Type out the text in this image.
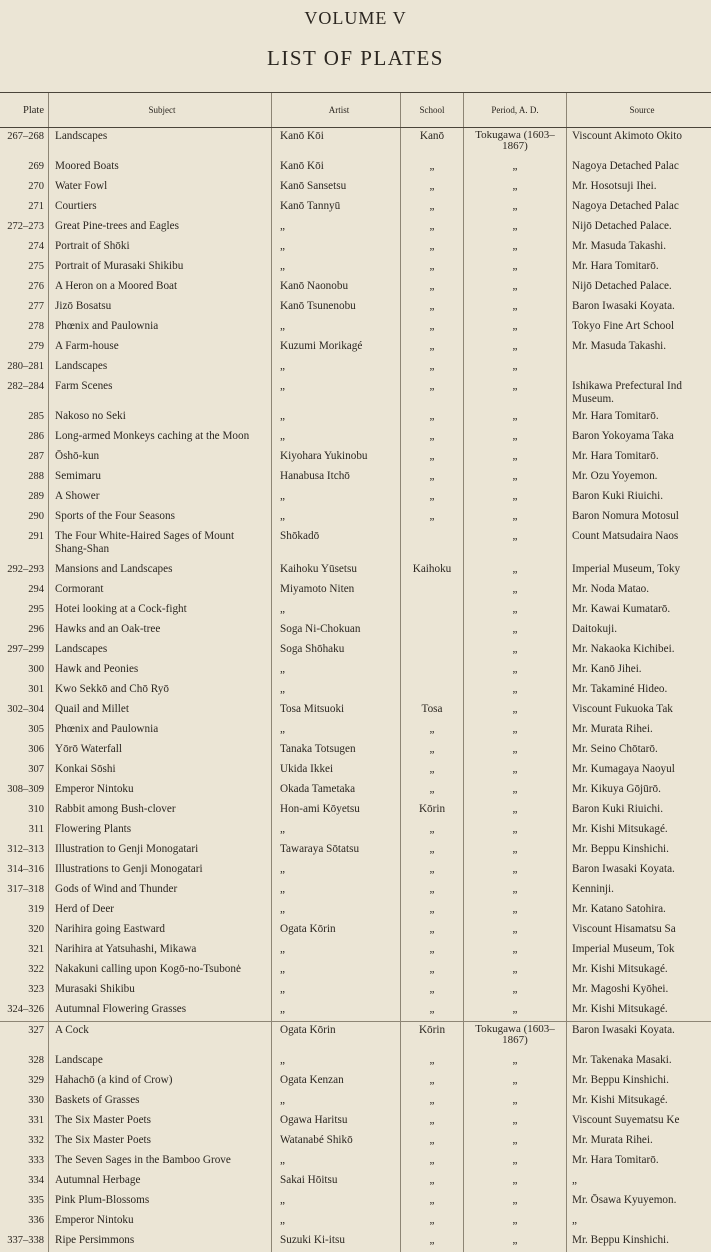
VOLUME V
LIST OF PLATES
Plate	Subject	Artist	School	Period, A. D.	Source
267–268	Landscapes	Kanō Kōi	Kanō	Tokugawa (1603–1867)	Viscount Akimoto Okito
269	Moored Boats	Kanō Kōi	„	„	Nagoya Detached Palac
270	Water Fowl	Kanō Sansetsu	„	„	Mr. Hosotsuji Ihei.
271	Courtiers	Kanō Tannyū	„	„	Nagoya Detached Palac
272–273	Great Pine-trees and Eagles	„	„	„	Nijō Detached Palace.
274	Portrait of Shōki	„	„	„	Mr. Masuda Takashi.
275	Portrait of Murasaki Shikibu	„	„	„	Mr. Hara Tomitarō.
276	A Heron on a Moored Boat	Kanō Naonobu	„	„	Nijō Detached Palace.
277	Jizō Bosatsu	Kanō Tsunenobu	„	„	Baron Iwasaki Koyata.
278	Phœnix and Paulownia	„	„	„	Tokyo Fine Art School
279	A Farm-house	Kuzumi Morikagé	„	„	Mr. Masuda Takashi.
280–281	Landscapes	„	„	„	
282–284	Farm Scenes	„	„	„	Ishikawa Prefectural Ind Museum.
285	Nakoso no Seki	„	„	„	Mr. Hara Tomitarō.
286	Long-armed Monkeys caching at the Moon	„	„	„	Baron Yokoyama Taka
287	Ōshō-kun	Kiyohara Yukinobu	„	„	Mr. Hara Tomitarō.
288	Semimaru	Hanabusa Itchō	„	„	Mr. Ozu Yoyemon.
289	A Shower	„	„	„	Baron Kuki Riuichi.
290	Sports of the Four Seasons	„	„	„	Baron Nomura Motosul
291	The Four White-Haired Sages of Mount Shang-Shan	Shōkadō		„	Count Matsudaira Naos
292–293	Mansions and Landscapes	Kaihoku Yūsetsu	Kaihoku	„	Imperial Museum, Toky
294	Cormorant	Miyamoto Niten		„	Mr. Noda Matao.
295	Hotei looking at a Cock-fight	„		„	Mr. Kawai Kumatarō.
296	Hawks and an Oak-tree	Soga Ni-Chokuan		„	Daitokuji.
297–299	Landscapes	Soga Shōhaku		„	Mr. Nakaoka Kichibei.
300	Hawk and Peonies	„		„	Mr. Kanō Jihei.
301	Kwo Sekkō and Chō Ryō	„		„	Mr. Takaminé Hideo.
302–304	Quail and Millet	Tosa Mitsuoki	Tosa	„	Viscount Fukuoka Tak
305	Phœnix and Paulownia	„	„	„	Mr. Murata Rihei.
306	Yōrō Waterfall	Tanaka Totsugen	„	„	Mr. Seino Chōtarō.
307	Konkai Sōshi	Ukida Ikkei	„	„	Mr. Kumagaya Naoyul
308–309	Emperor Nintoku	Okada Tametaka	„	„	Mr. Kikuya Gōjūrō.
310	Rabbit among Bush-clover	Hon-ami Kōyetsu	Kōrin	„	Baron Kuki Riuichi.
311	Flowering Plants	„	„	„	Mr. Kishi Mitsukagé.
312–313	Illustration to Genji Monogatari	Tawaraya Sōtatsu	„	„	Mr. Beppu Kinshichi.
314–316	Illustrations to Genji Monogatari	„	„	„	Baron Iwasaki Koyata.
317–318	Gods of Wind and Thunder	„	„	„	Kenninji.
319	Herd of Deer	„	„	„	Mr. Katano Satohira.
320	Narihira going Eastward	Ogata Kōrin	„	„	Viscount Hisamatsu Sa
321	Narihira at Yatsuhashi, Mikawa	„	„	„	Imperial Museum, Tok
322	Nakakuni calling upon Kogō-no-Tsubonė	„	„	„	Mr. Kishi Mitsukagé.
323	Murasaki Shikibu	„	„	„	Mr. Magoshi Kyōhei.
324–326	Autumnal Flowering Grasses	„	„	„	Mr. Kishi Mitsukagé.
327	A Cock	Ogata Kōrin	Kōrin	Tokugawa (1603–1867)	Baron Iwasaki Koyata.
328	Landscape	„	„	„	Mr. Takenaka Masaki.
329	Hahachō (a kind of Crow)	Ogata Kenzan	„	„	Mr. Beppu Kinshichi.
330	Baskets of Grasses	„	„	„	Mr. Kishi Mitsukagé.
331	The Six Master Poets	Ogawa Haritsu	„	„	Viscount Suyematsu Ke
332	The Six Master Poets	Watanabé Shikō	„	„	Mr. Murata Rihei.
333	The Seven Sages in the Bamboo Grove	„	„	„	Mr. Hara Tomitarō.
334	Autumnal Herbage	Sakai Hōitsu	„	„	„
335	Pink Plum-Blossoms	„	„	„	Mr. Ōsawa Kyuyemon.
336	Emperor Nintoku	„	„	„	„
337–338	Ripe Persimmons	Suzuki Ki-itsu	„	„	Mr. Beppu Kinshichi.
